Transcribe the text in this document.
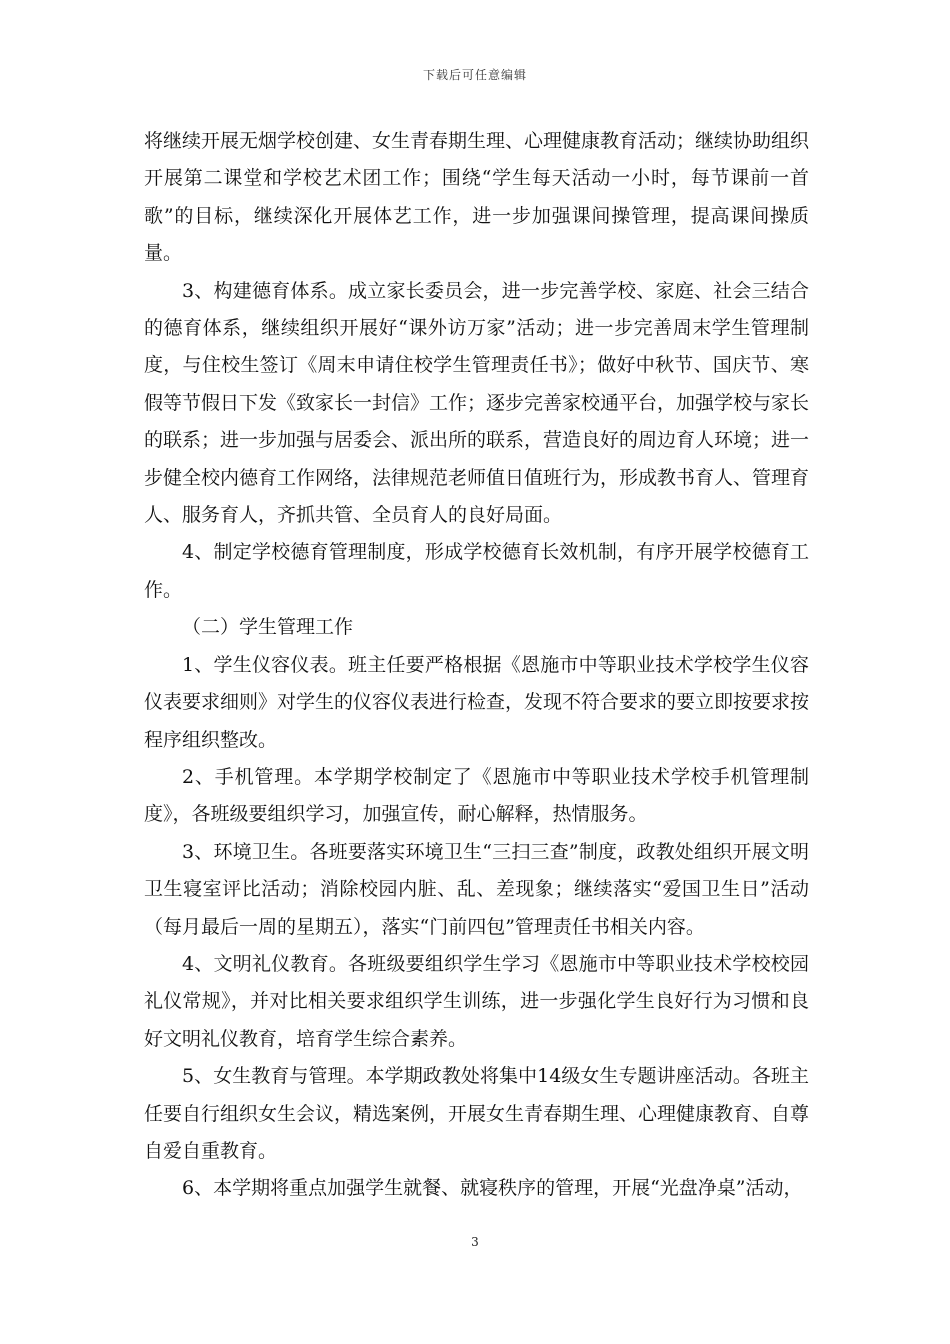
下载后可任意编辑

将继续开展无烟学校创建、女生青春期生理、心理健康教育活动；继续协助组织开展第二课堂和学校艺术团工作；围绕“学生每天活动一小时，每节课前一首歌”的目标，继续深化开展体艺工作，进一步加强课间操管理，提高课间操质量。

3、构建德育体系。成立家长委员会，进一步完善学校、家庭、社会三结合的德育体系，继续组织开展好“课外访万家”活动；进一步完善周末学生管理制度，与住校生签订《周末申请住校学生管理责任书》；做好中秋节、国庆节、寒假等节假日下发《致家长一封信》工作；逐步完善家校通平台，加强学校与家长的联系；进一步加强与居委会、派出所的联系，营造良好的周边育人环境；进一步健全校内德育工作网络，法律规范老师值日值班行为，形成教书育人、管理育人、服务育人，齐抓共管、全员育人的良好局面。

4、制定学校德育管理制度，形成学校德育长效机制，有序开展学校德育工作。

（二）学生管理工作

1、学生仪容仪表。班主任要严格根据《恩施市中等职业技术学校学生仪容仪表要求细则》对学生的仪容仪表进行检查，发现不符合要求的要立即按要求按程序组织整改。

2、手机管理。本学期学校制定了《恩施市中等职业技术学校手机管理制度》，各班级要组织学习，加强宣传，耐心解释，热情服务。

3、环境卫生。各班要落实环境卫生“三扫三查”制度，政教处组织开展文明卫生寝室评比活动；消除校园内脏、乱、差现象；继续落实“爱国卫生日”活动（每月最后一周的星期五），落实“门前四包”管理责任书相关内容。

4、文明礼仪教育。各班级要组织学生学习《恩施市中等职业技术学校校园礼仪常规》，并对比相关要求组织学生训练，进一步强化学生良好行为习惯和良好文明礼仪教育，培育学生综合素养。

5、女生教育与管理。本学期政教处将集中14级女生专题讲座活动。各班主任要自行组织女生会议，精选案例，开展女生青春期生理、心理健康教育、自尊自爱自重教育。

6、本学期将重点加强学生就餐、就寝秩序的管理，开展“光盘净桌”活动，

3
